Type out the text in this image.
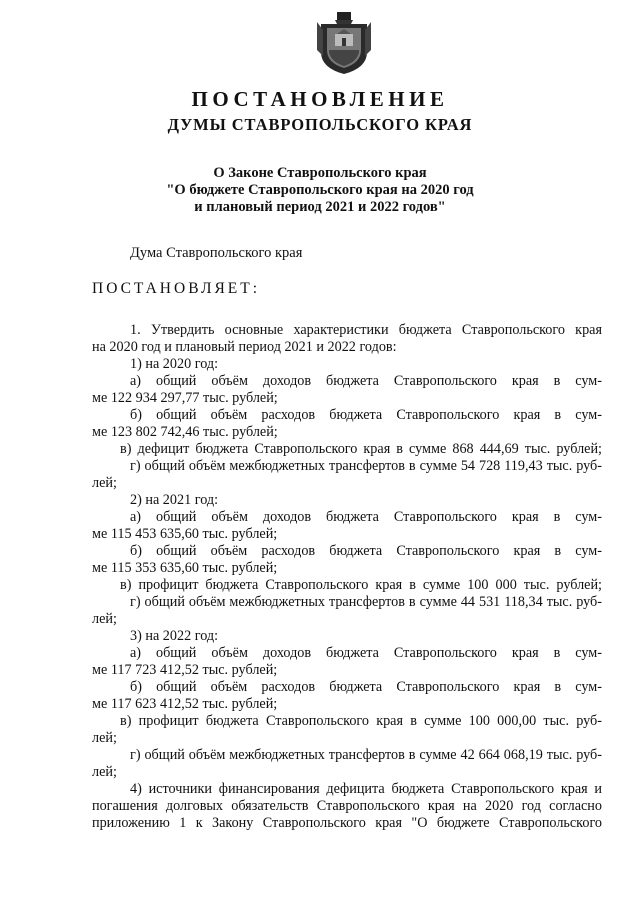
ПОСТАНОВЛЕНИЕ
ДУМЫ СТАВРОПОЛЬСКОГО КРАЯ
О Законе Ставропольского края
"О бюджете Ставропольского края на 2020 год
и плановый период 2021 и 2022 годов"
Дума Ставропольского края
ПОСТАНОВЛЯЕТ:
1. Утвердить основные характеристики бюджета Ставропольского края
на 2020 год и плановый период 2021 и 2022 годов:
1) на 2020 год:
а) общий объём доходов бюджета Ставропольского края в сум-
ме 122 934 297,77 тыс. рублей;
б) общий объём расходов бюджета Ставропольского края в сум-
ме 123 802 742,46 тыс. рублей;
в) дефицит бюджета Ставропольского края в сумме 868 444,69 тыс. рублей;
г) общий объём межбюджетных трансфертов в сумме 54 728 119,43 тыс. руб-
лей;
2) на 2021 год:
а) общий объём доходов бюджета Ставропольского края в сум-
ме 115 453 635,60 тыс. рублей;
б) общий объём расходов бюджета Ставропольского края в сум-
ме 115 353 635,60 тыс. рублей;
в) профицит бюджета Ставропольского края в сумме 100 000 тыс. рублей;
г) общий объём межбюджетных трансфертов в сумме 44 531 118,34 тыс. руб-
лей;
3) на 2022 год:
а) общий объём доходов бюджета Ставропольского края в сум-
ме 117 723 412,52 тыс. рублей;
б) общий объём расходов бюджета Ставропольского края в сум-
ме 117 623 412,52 тыс. рублей;
в) профицит бюджета Ставропольского края в сумме 100 000,00 тыс. руб-
лей;
г) общий объём межбюджетных трансфертов в сумме 42 664 068,19 тыс. руб-
лей;
4) источники финансирования дефицита бюджета Ставропольского края и
погашения долговых обязательств Ставропольского края на 2020 год согласно
приложению 1 к Закону Ставропольского края "О бюджете Ставропольского
